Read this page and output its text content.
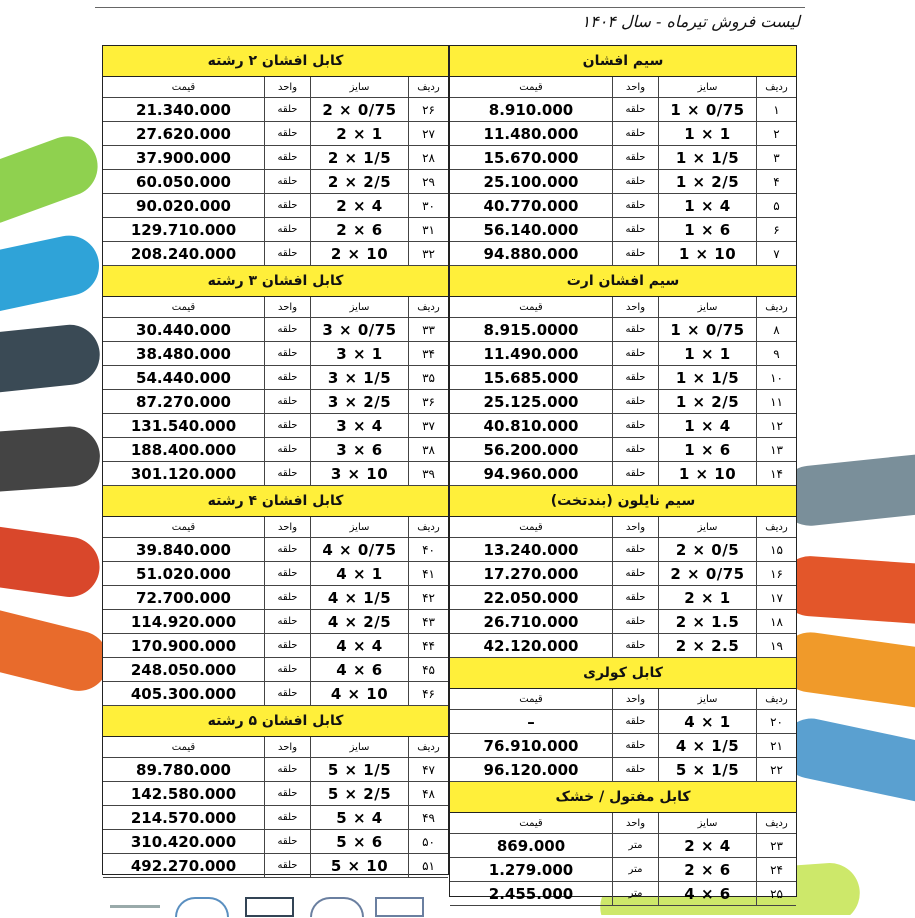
لیست فروش تیرماه - سال ۱۴۰۴
کابل افشان ۲ رشته
ردیف
سایز
واحد
قیمت
۲۶
2 × 0/75
حلقه
21.340.000
۲۷
2 × 1
حلقه
27.620.000
۲۸
2 × 1/5
حلقه
37.900.000
۲۹
2 × 2/5
حلقه
60.050.000
۳۰
2 × 4
حلقه
90.020.000
۳۱
2 × 6
حلقه
129.710.000
۳۲
2 × 10
حلقه
208.240.000
کابل افشان ۳ رشته
ردیف
سایز
واحد
قیمت
۳۳
3 × 0/75
حلقه
30.440.000
۳۴
3 × 1
حلقه
38.480.000
۳۵
3 × 1/5
حلقه
54.440.000
۳۶
3 × 2/5
حلقه
87.270.000
۳۷
3 × 4
حلقه
131.540.000
۳۸
3 × 6
حلقه
188.400.000
۳۹
3 × 10
حلقه
301.120.000
کابل افشان ۴ رشته
ردیف
سایز
واحد
قیمت
۴۰
4 × 0/75
حلقه
39.840.000
۴۱
4 × 1
حلقه
51.020.000
۴۲
4 × 1/5
حلقه
72.700.000
۴۳
4 × 2/5
حلقه
114.920.000
۴۴
4 × 4
حلقه
170.900.000
۴۵
4 × 6
حلقه
248.050.000
۴۶
4 × 10
حلقه
405.300.000
کابل افشان ۵ رشته
ردیف
سایز
واحد
قیمت
۴۷
5 × 1/5
حلقه
89.780.000
۴۸
5 × 2/5
حلقه
142.580.000
۴۹
5 × 4
حلقه
214.570.000
۵۰
5 × 6
حلقه
310.420.000
۵۱
5 × 10
حلقه
492.270.000
سیم افشان
ردیف
سایز
واحد
قیمت
۱
1 × 0/75
حلقه
8.910.000
۲
1 × 1
حلقه
11.480.000
۳
1 × 1/5
حلقه
15.670.000
۴
1 × 2/5
حلقه
25.100.000
۵
1 × 4
حلقه
40.770.000
۶
1 × 6
حلقه
56.140.000
۷
1 × 10
حلقه
94.880.000
سیم افشان ارت
ردیف
سایز
واحد
قیمت
۸
1 × 0/75
حلقه
8.915.0000
۹
1 × 1
حلقه
11.490.000
۱۰
1 × 1/5
حلقه
15.685.000
۱۱
1 × 2/5
حلقه
25.125.000
۱۲
1 × 4
حلقه
40.810.000
۱۳
1 × 6
حلقه
56.200.000
۱۴
1 × 10
حلقه
94.960.000
سیم نایلون (بندتخت)
ردیف
سایز
واحد
قیمت
۱۵
2 × 0/5
حلقه
13.240.000
۱۶
2 × 0/75
حلقه
17.270.000
۱۷
2 × 1
حلقه
22.050.000
۱۸
2 × 1.5
حلقه
26.710.000
۱۹
2 × 2.5
حلقه
42.120.000
کابل کولری
ردیف
سایز
واحد
قیمت
۲۰
4 × 1
حلقه
–
۲۱
4 × 1/5
حلقه
76.910.000
۲۲
5 × 1/5
حلقه
96.120.000
کابل مفتول / خشک
ردیف
سایز
واحد
قیمت
۲۳
2 × 4
متر
869.000
۲۴
2 × 6
متر
1.279.000
۲۵
4 × 6
متر
2.455.000
